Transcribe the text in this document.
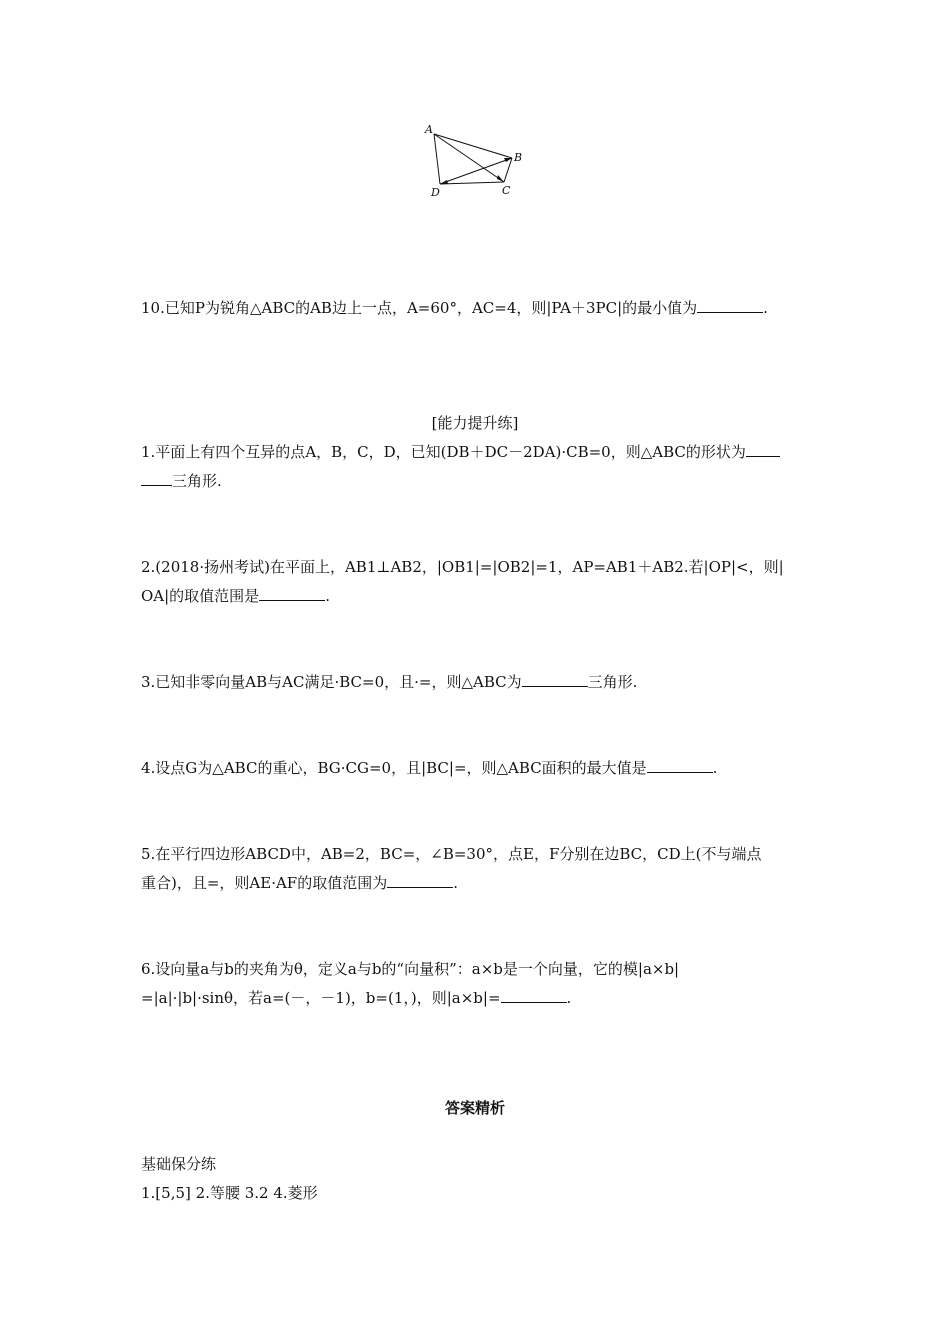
A
B
C
D
10.已知P为锐角△ABC的AB边上一点，A=60°，AC=4，则|PA＋3PC|的最小值为	.
[能力提升练]
1.平面上有四个互异的点A，B，C，D，已知(DB＋DC－2DA)·CB=0，则△ABC的形状为
三角形.
2.(2018·扬州考试)在平面上，AB1⊥AB2，|OB1|=|OB2|=1，AP=AB1＋AB2.若|OP|<，则|
OA|的取值范围是	.
3.已知非零向量AB与AC满足·BC=0，且·=，则△ABC为	三角形.
4.设点G为△ABC的重心，BG·CG=0，且|BC|=，则△ABC面积的最大值是	.
5.在平行四边形ABCD中，AB=2，BC=，∠B=30°，点E，F分别在边BC，CD上(不与端点
重合)，且=，则AE·AF的取值范围为	.
6.设向量a与b的夹角为θ，定义a与b的“向量积”：a×b是一个向量，它的模|a×b|
=|a|·|b|·sinθ，若a=(－，－1)，b=(1，)，则|a×b|=	.
答案精析
基础保分练
1.[5,5] 2.等腰 3.2 4.菱形
